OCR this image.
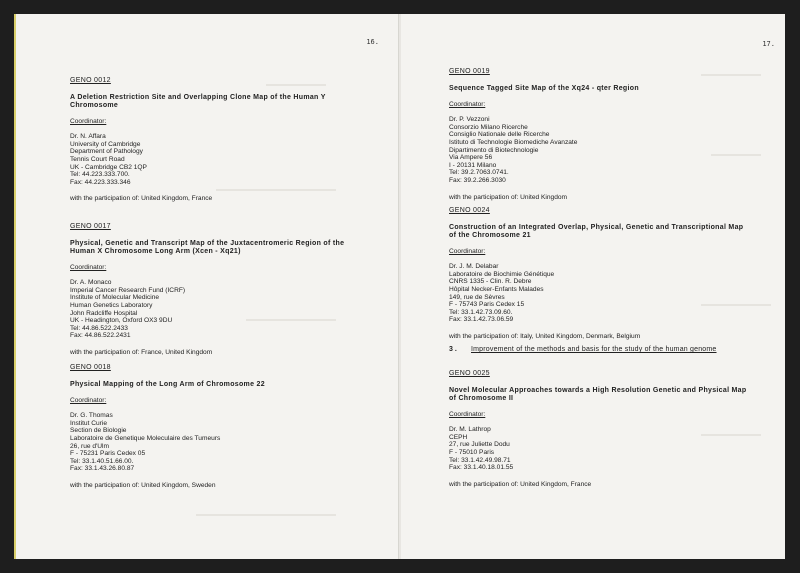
16.
GENO 0012
A Deletion Restriction Site and Overlapping Clone Map of the Human Y Chromosome
Coordinator:
Dr. N. Affara
University of Cambridge
Department of Pathology
Tennis Court Road
UK - Cambridge CB2 1QP
Tel: 44.223.333.700.
Fax: 44.223.333.346
with the participation of: United Kingdom, France
GENO 0017
Physical, Genetic and Transcript Map of the Juxtacentromeric Region of the Human X Chromosome Long Arm (Xcen - Xq21)
Coordinator:
Dr. A. Monaco
Imperial Cancer Research Fund (ICRF)
Institute of Molecular Medicine
Human Genetics Laboratory
John Radcliffe Hospital
UK - Headington, Oxford OX3 9DU
Tel: 44.86.522.2433
Fax: 44.86.522.2431
with the participation of: France, United Kingdom
GENO 0018
Physical Mapping of the Long Arm of Chromosome 22
Coordinator:
Dr. G. Thomas
Institut Curie
Section de Biologie
Laboratoire de Genetique Moleculaire des Tumeurs
26, rue d'Ulm
F - 75231 Paris Cedex 05
Tel: 33.1.40.51.66.00.
Fax: 33.1.43.26.80.87
with the participation of: United Kingdom, Sweden
17.
GENO 0019
Sequence Tagged Site Map of the Xq24 - qter Region
Coordinator:
Dr. P. Vezzoni
Consorzio Milano Ricerche
Consiglio Nationale delle Ricerche
Istituto di Technologie Biomediche Avanzate
Dipartimento di Biotechnologie
Via Ampere 56
I - 20131 Milano
Tel: 39.2.7063.0741.
Fax: 39.2.266.3030
with the participation of: United Kingdom
GENO 0024
Construction of an Integrated Overlap, Physical, Genetic and Transcriptional Map of the Chromosome 21
Coordinator:
Dr. J. M. Delabar
Laboratoire de Biochimie Génétique
CNRS 1335 - Clin. R. Debre
Hôpital Necker-Enfants Malades
149, rue de Sèvres
F - 75743 Paris Cedex 15
Tel: 33.1.42.73.09.60.
Fax: 33.1.42.73.06.59
with the participation of: Italy, United Kingdom, Denmark, Belgium
3 .	Improvement of the methods and basis for the study of the human genome
GENO 0025
Novel Molecular Approaches towards a High Resolution Genetic and Physical Map of Chromosome II
Coordinator:
Dr. M. Lathrop
CEPH
27, rue Juliette Dodu
F - 75010 Paris
Tel: 33.1.42.49.98.71
Fax: 33.1.40.18.01.55
with the participation of: United Kingdom, France
